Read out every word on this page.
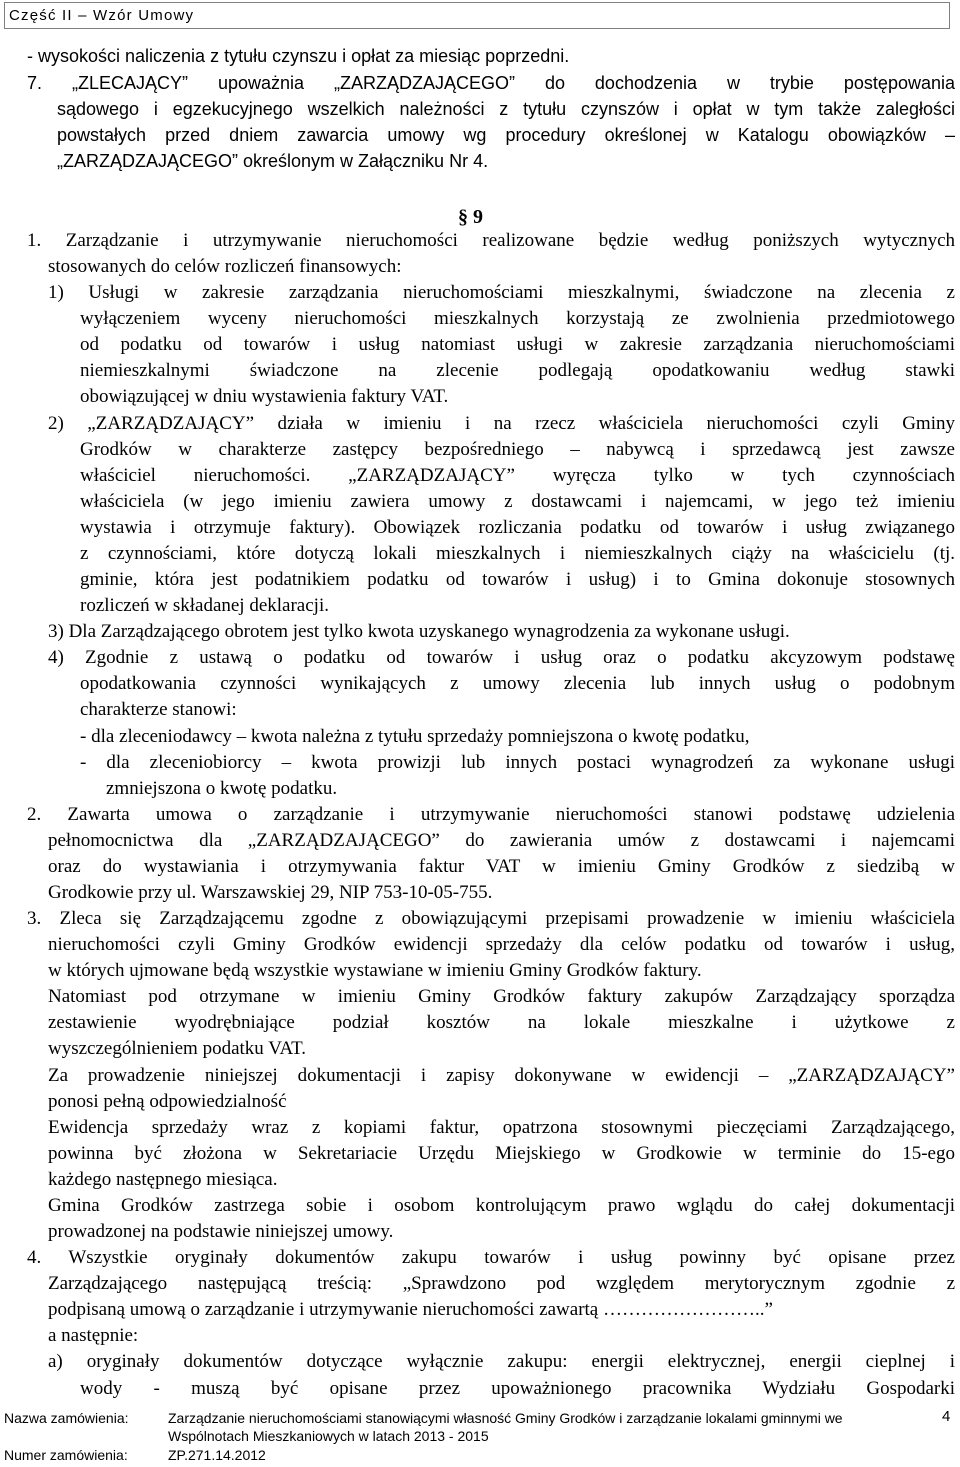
Część II – Wzór Umowy
- wysokości naliczenia z tytułu czynszu i opłat za miesiąc poprzedni.
7. „ZLECAJĄCY” upoważnia „ZARZĄDZAJĄCEGO” do dochodzenia w trybie postępowania
sądowego i egzekucyjnego wszelkich należności z tytułu czynszów i opłat w tym także zaległości
powstałych przed dniem zawarcia umowy wg procedury określonej w Katalogu obowiązków –
„ZARZĄDZAJĄCEGO” określonym w Załączniku Nr 4.
§ 9
1. Zarządzanie i utrzymywanie nieruchomości realizowane będzie według poniższych wytycznych
stosowanych do celów rozliczeń finansowych:
1) Usługi w zakresie zarządzania nieruchomościami mieszkalnymi, świadczone na zlecenia z
wyłączeniem wyceny nieruchomości mieszkalnych korzystają ze zwolnienia przedmiotowego
od podatku od towarów i usług natomiast usługi w zakresie zarządzania nieruchomościami
niemieszkalnymi świadczone na zlecenie podlegają opodatkowaniu według stawki
obowiązującej w dniu wystawienia faktury VAT.
2) „ZARZĄDZAJĄCY” działa w imieniu i na rzecz właściciela nieruchomości czyli Gminy
Grodków w charakterze zastępcy bezpośredniego – nabywcą i sprzedawcą jest zawsze
właściciel nieruchomości. „ZARZĄDZAJĄCY” wyręcza tylko w tych czynnościach
właściciela (w jego imieniu zawiera umowy z dostawcami i najemcami, w jego też imieniu
wystawia i otrzymuje faktury). Obowiązek rozliczania podatku od towarów i usług związanego
z czynnościami, które dotyczą lokali mieszkalnych i niemieszkalnych ciąży na właścicielu (tj.
gminie, która jest podatnikiem podatku od towarów i usług) i to Gmina dokonuje stosownych
rozliczeń w składanej deklaracji.
3) Dla Zarządzającego obrotem jest tylko kwota uzyskanego wynagrodzenia za wykonane usługi.
4) Zgodnie z ustawą o podatku od towarów i usług oraz o podatku akcyzowym podstawę
opodatkowania czynności wynikających z umowy zlecenia lub innych usług o podobnym
charakterze stanowi:
- dla zleceniodawcy – kwota należna z tytułu sprzedaży pomniejszona o kwotę podatku,
- dla zleceniobiorcy – kwota prowizji lub innych postaci wynagrodzeń za wykonane usługi
zmniejszona o kwotę podatku.
2. Zawarta umowa o zarządzanie i utrzymywanie nieruchomości stanowi podstawę udzielenia
pełnomocnictwa dla „ZARZĄDZAJĄCEGO” do zawierania umów z dostawcami i najemcami
oraz do wystawiania i otrzymywania faktur VAT w imieniu Gminy Grodków z siedzibą w
Grodkowie przy ul. Warszawskiej 29, NIP 753-10-05-755.
3. Zleca się Zarządzającemu zgodne z obowiązującymi przepisami prowadzenie w imieniu właściciela
nieruchomości czyli Gminy Grodków ewidencji sprzedaży dla celów podatku od towarów i usług,
w których ujmowane będą wszystkie wystawiane w imieniu Gminy Grodków faktury.
Natomiast pod otrzymane w imieniu Gminy Grodków faktury zakupów Zarządzający sporządza
zestawienie wyodrębniające podział kosztów na lokale mieszkalne i użytkowe z
wyszczególnieniem podatku VAT.
Za prowadzenie niniejszej dokumentacji i zapisy dokonywane w ewidencji – „ZARZĄDZAJĄCY”
ponosi pełną odpowiedzialność
Ewidencja sprzedaży wraz z kopiami faktur, opatrzona stosownymi pieczęciami Zarządzającego,
powinna być złożona w Sekretariacie Urzędu Miejskiego w Grodkowie w terminie do 15-ego
każdego następnego miesiąca.
Gmina Grodków zastrzega sobie i osobom kontrolującym prawo wglądu do całej dokumentacji
prowadzonej na podstawie niniejszej umowy.
4. Wszystkie oryginały dokumentów zakupu towarów i usług powinny być opisane przez
Zarządzającego następującą treścią: „Sprawdzono pod względem merytorycznym zgodnie z
podpisaną umową o zarządzanie i utrzymywanie nieruchomości zawartą ……………………..”
a następnie:
a) oryginały dokumentów dotyczące wyłącznie zakupu: energii elektrycznej, energii cieplnej i
wody - muszą być opisane przez upoważnionego pracownika Wydziału Gospodarki
Nazwa zamówienia:	Zarządzanie nieruchomościami stanowiącymi własność Gminy Grodków i zarządzanie lokalami gminnymi we
Wspólnotach Mieszkaniowych w latach 2013 - 2015
Numer zamówienia:	ZP.271.14.2012
4
